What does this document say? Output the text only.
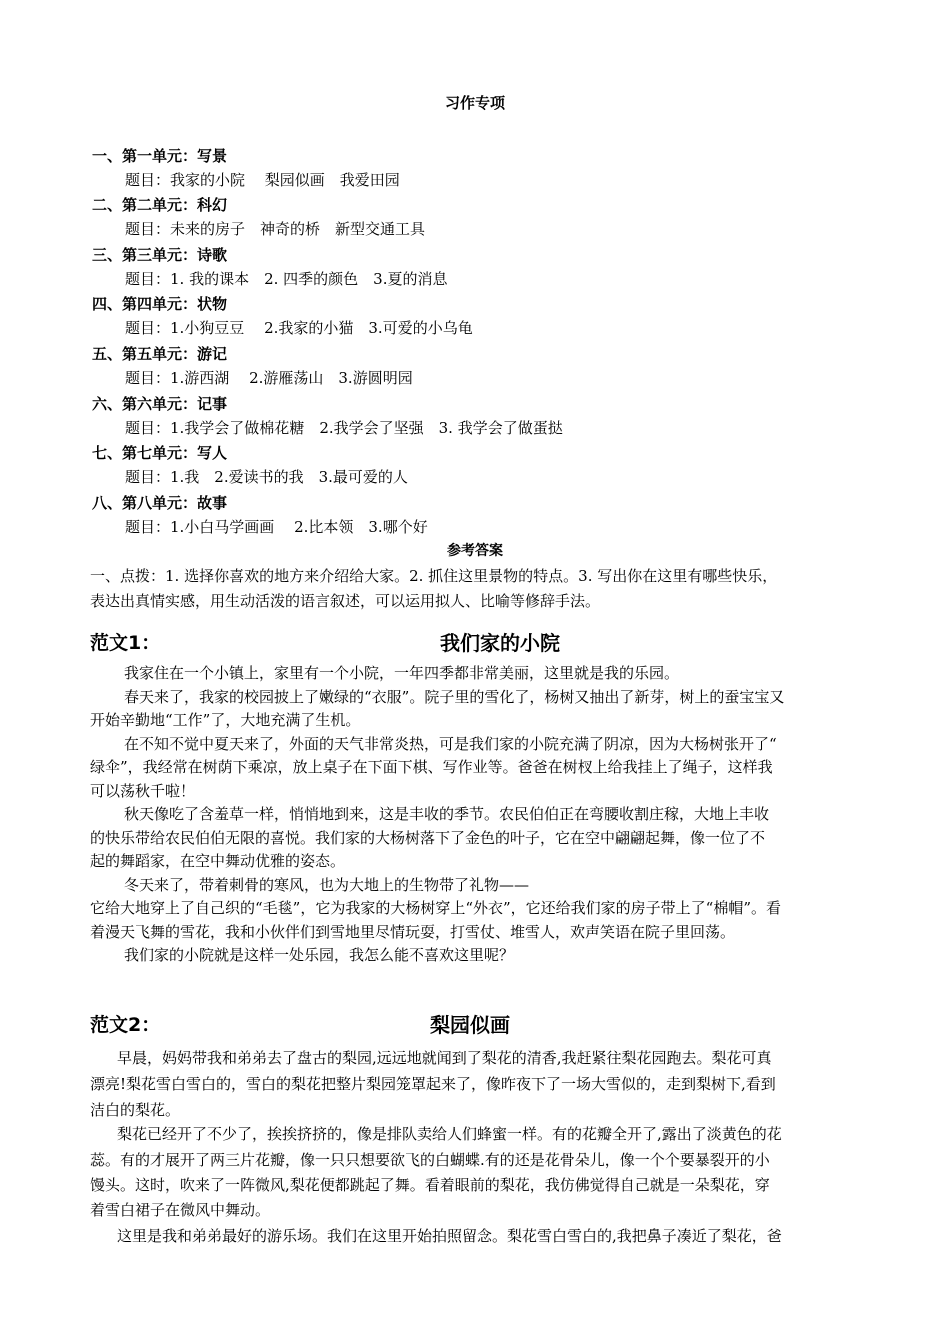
习作专项
一、第一单元：写景
题目：我家的小院　 梨园似画　我爱田园
二、第二单元：科幻
题目：未来的房子　神奇的桥　新型交通工具
三、第三单元：诗歌
题目：1. 我的课本　2. 四季的颜色　3.夏的消息
四、第四单元：状物
题目：1.小狗豆豆　 2.我家的小猫　3.可爱的小乌龟
五、第五单元：游记
题目：1.游西湖　 2.游雁荡山　3.游圆明园
六、第六单元：记事
题目：1.我学会了做棉花糖　2.我学会了坚强　3. 我学会了做蛋挞
七、第七单元：写人
题目：1.我　2.爱读书的我　3.最可爱的人
八、第八单元：故事
题目：1.小白马学画画　 2.比本领　3.哪个好
参考答案
一、点拨：1. 选择你喜欢的地方来介绍给大家。2. 抓住这里景物的特点。3. 写出你在这里有哪些快乐，
表达出真情实感，用生动活泼的语言叙述，可以运用拟人、比喻等修辞手法。
范文1：	我们家的小院
我家住在一个小镇上，家里有一个小院，一年四季都非常美丽，这里就是我的乐园。
春天来了，我家的校园披上了嫩绿的“衣服”。院子里的雪化了，杨树又抽出了新芽，树上的蚕宝宝又
开始辛勤地“工作”了，大地充满了生机。
在不知不觉中夏天来了，外面的天气非常炎热，可是我们家的小院充满了阴凉，因为大杨树张开了“
绿伞”，我经常在树荫下乘凉，放上桌子在下面下棋、写作业等。爸爸在树杈上给我挂上了绳子，这样我
可以荡秋千啦！
秋天像吃了含羞草一样，悄悄地到来，这是丰收的季节。农民伯伯正在弯腰收割庄稼，大地上丰收
的快乐带给农民伯伯无限的喜悦。我们家的大杨树落下了金色的叶子，它在空中翩翩起舞，像一位了不
起的舞蹈家，在空中舞动优雅的姿态。
冬天来了，带着刺骨的寒风，也为大地上的生物带了礼物——
它给大地穿上了自己织的“毛毯”，它为我家的大杨树穿上“外衣”，它还给我们家的房子带上了“棉帽”。看
着漫天飞舞的雪花，我和小伙伴们到雪地里尽情玩耍，打雪仗、堆雪人，欢声笑语在院子里回荡。
我们家的小院就是这样一处乐园，我怎么能不喜欢这里呢？
范文2：	梨园似画
早晨，妈妈带我和弟弟去了盘古的梨园,远远地就闻到了梨花的清香,我赶紧往梨花园跑去。梨花可真
漂亮!梨花雪白雪白的，雪白的梨花把整片梨园笼罩起来了，像昨夜下了一场大雪似的，走到梨树下,看到
洁白的梨花。
梨花已经开了不少了，挨挨挤挤的，像是排队卖给人们蜂蜜一样。有的花瓣全开了,露出了淡黄色的花
蕊。有的才展开了两三片花瓣，像一只只想要欲飞的白蝴蝶.有的还是花骨朵儿，像一个个要暴裂开的小
馒头。这时，吹来了一阵微风,梨花便都跳起了舞。看着眼前的梨花，我仿佛觉得自己就是一朵梨花，穿
着雪白裙子在微风中舞动。
这里是我和弟弟最好的游乐场。我们在这里开始拍照留念。梨花雪白雪白的,我把鼻子凑近了梨花，爸
